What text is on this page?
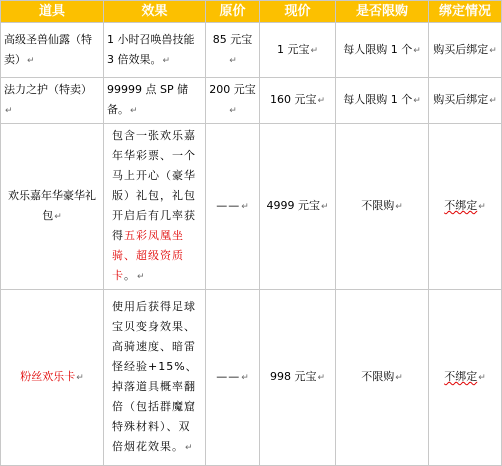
道具	效果	原价	现价	是否限购	绑定情况
高级圣兽仙露（特卖）↵	1 小时召唤兽技能 3 倍效果。↵	85 元宝↵	1 元宝↵	每人限购 1 个↵	购买后绑定↵
法力之护（特卖）↵	99999 点 SP 储备。↵	200 元宝↵	160 元宝↵	每人限购 1 个↵	购买后绑定↵
欢乐嘉年华豪华礼包↵	包含一张欢乐嘉年华彩票、一个马上开心（豪华版）礼包，礼包开启后有几率获得五彩凤凰坐骑、超级资质卡。↵	——↵	4999 元宝↵	不限购↵	不绑定↵
粉丝欢乐卡↵	使用后获得足球宝贝变身效果、高骑速度、暗雷怪经验+15%、掉落道具概率翻倍（包括群魔窟特殊材料）、双倍烟花效果。↵	——↵	998 元宝↵	不限购↵	不绑定↵
